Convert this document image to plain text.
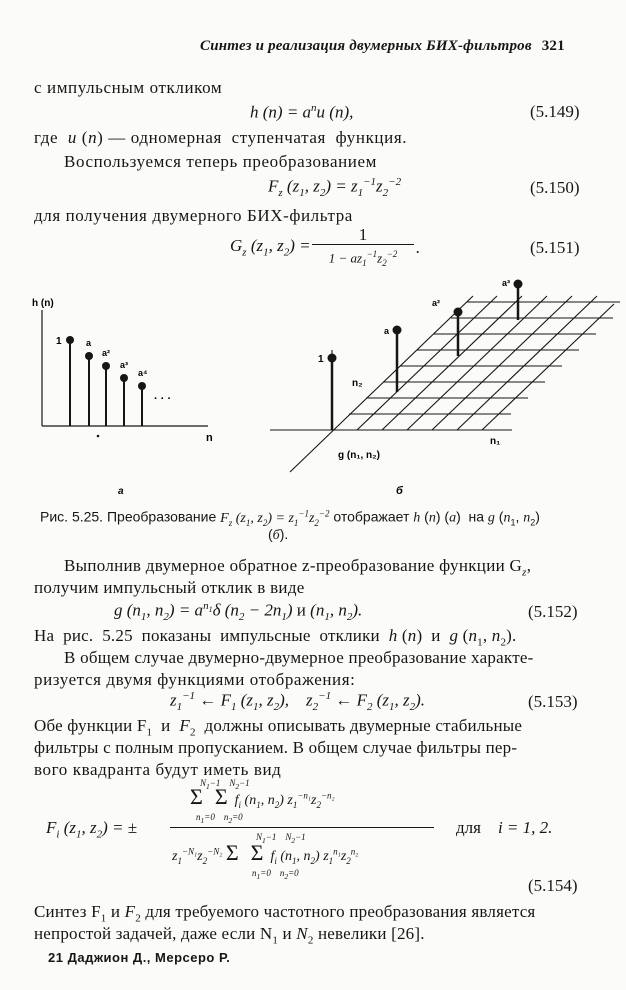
Синтез и реализация двумерных БИХ-фильтров 321
с импульсным откликом
h $(n) = a^nu$ (n),	(5.149)
где  u (n) — одномерная  ступенчатая  функция.
Воспользуемся теперь преобразованием
$F_z$ ($z_1$, $z_2) = z_1^{-1}z_2^{-2}$	(5.150)
для получения двумерного БИХ-фильтра
$G_z$ ($z_1$, $z_2$) =
1
$1 - az_1^{-1}z_2^{-2}$	.	(5.151)
h (n)
n
1	a
a²
a³
a⁴
· · ·
а
1
a
a²
a³
n₂
n₁
g (n₁, n₂)
б
Рис. 5.25. Преобразование $F_z$ ($z_1$, $z_2) = z_1^{-1}z_2^{-2}$ отображает h (n) (а)  на g ($n_1$, $n_2$)
(б).
Выполнив двумерное обратное z-преобразование функции $G_z$,
получим импульсный отклик в виде
g ($n_1$, $n_2) = a^{n_1}\delta$ $(n_2 - 2n_1)$ и ($n_1$, $n_2$).	(5.152)
На  рис.  5.25  показаны  импульсные  отклики  h (n)  и  g ($n_1$, $n_2$).
В общем случае двумерно-двумерное преобразование характе-
ризуется двумя функциями отображения:
$z_1^{-1}$ ← $F_1$ ($z_1$, $z_2$),    $z_2^{-1}$ ← $F_2$ ($z_1$, $z_2$).	(5.153)
Обе функции $F_1$  и  $F_2$  должны описывать двумерные стабильные
фильтры с полным пропусканием. В общем случае фильтры пер-
вого квадранта будут иметь вид
$F_i$ ($z_1$, $z_2$) = ±
Σ Σ  $f_i$ ($n_1$, $n_2$) $z_1^{-n_1}z_2^{-n_2}$
$N_1-1$    $N_2-1$
$n_1=0$    $n_2=0$
$N_1-1$    $N_2-1$
$z_1^{-N_1}z_2^{-N_2}$ Σ Σ  $f_i$ ($n_1$, $n_2$) $z_1^{n_1}z_2^{n_2}$
$n_1=0$    $n_2=0$
для    i = 1, 2.
(5.154)
Синтез $F_1$ и $F_2$ для требуемого частотного преобразования является
непростой задачей, даже если $N_1$ и $N_2$ невелики [26].
21 Даджион Д., Мерсеро Р.
